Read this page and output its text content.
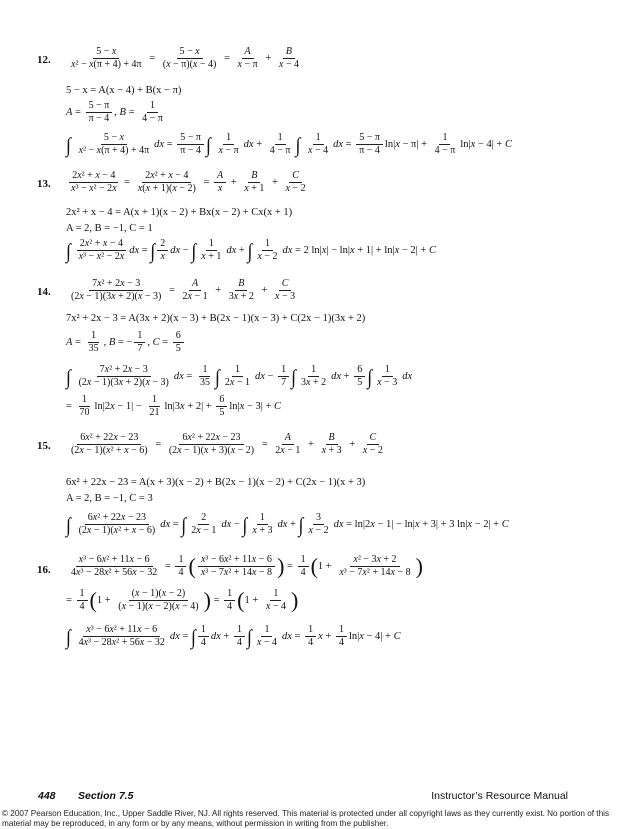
12. $\frac{5 - x}{\text{x² − x(π + 4) + 4π}} = \frac{5 - x}{(x - \pi)(x - 4)} = \frac{A}{x - \pi} + \frac{B}{x - 4}$
5 − x = A(x − 4) + B(x − π)
$A = \frac{5 - \pi}{\pi - 4}$ , $B = \frac{1}{4 - \pi}$
∫ $\frac{5 - x}{\text{x² − x(π + 4) + 4π}}$ dx = $\frac{5 - \pi}{\pi - 4}$ ∫ $\frac{1}{x - \pi}$ dx + $\frac{1}{4 - \pi}$ ∫ $\frac{1}{x - 4}$ dx = $\frac{5 - \pi}{\pi - 4} \ln|x - \pi| + \frac{1}{4 - \pi} \ln|x - 4| + C$
13. $\frac{\text{2x² + x − 4}}{\text{x³ − x² − 2x}} = \frac{\text{2x² + x − 4}}{x(x + 1)(x - 2)} = \frac{A}{x} + \frac{B}{x + 1} + \frac{C}{x - 2}$
2x² + x − 4 = A(x + 1)(x − 2) + Bx(x − 2) + Cx(x + 1)
A = 2, B = −1, C = 1
∫ $\frac{\text{2x² + x − 4}}{\text{x³ − x² − 2x}}$ dx = ∫ $\frac{2}{x}$ dx − ∫ $\frac{1}{x + 1}$ dx + ∫ $\frac{1}{x - 2}$ dx = 2 ln|x| − ln|x + 1| + ln|x − 2| + C
14. $\frac{\text{7x² + 2x − 3}}{(2x - 1)(3x + 2)(x - 3)} = \frac{A}{2x - 1} + \frac{B}{3x + 2} + \frac{C}{x - 3}$
7x² + 2x − 3 = A(3x + 2)(x − 3) + B(2x − 1)(x − 3) + C(2x − 1)(3x + 2)
$A = \frac{1}{35}$ , B = − $\frac{1}{7}$ , $C = \frac{6}{5}$
∫ $\frac{\text{7x² + 2x − 3}}{(2x - 1)(3x + 2)(x - 3)}$ dx = $\frac{1}{35}$ ∫ $\frac{1}{2x - 1}$ dx − $\frac{1}{7}$ ∫ $\frac{1}{3x + 2}$ dx + $\frac{6}{5}$ ∫ $\frac{1}{x - 3}$ dx
= $\frac{1}{70} \ln|2x - 1| - \frac{1}{21} \ln|3x + 2| + \frac{6}{5} \ln|x - 3| + C$
15. $\frac{\text{6x² + 22x − 23}}{\text{(2x − 1)(x² + x − 6)}} = \frac{\text{6x² + 22x − 23}}{(2x - 1)(x + 3)(x - 2)} = \frac{A}{2x - 1} + \frac{B}{x + 3} + \frac{C}{x - 2}$
6x² + 22x − 23 = A(x + 3)(x − 2) + B(2x − 1)(x − 2) + C(2x − 1)(x + 3)
A = 2, B = −1, C = 3
∫ $\frac{\text{6x² + 22x − 23}}{\text{(2x − 1)(x² + x − 6)}}$ dx = ∫ $\frac{2}{2x - 1}$ dx − ∫ $\frac{1}{x + 3}$ dx + ∫ $\frac{3}{x - 2}$ dx = ln|2x − 1| − ln|x + 3| + 3 ln|x − 2| + C
16. $\frac{\text{x³ − 6x² + 11x − 6}}{\text{4x³ − 28x² + 56x − 32}} = \frac{1}{4}$ ( $\frac{\text{x³ − 6x² + 11x − 6}}{\text{x³ − 7x² + 14x − 8}}$ ) = $\frac{1}{4} (1 + \frac{\text{x² − 3x + 2}}{\text{x³ − 7x² + 14x − 8}}$ )
= $\frac{1}{4} (1 + \frac{(x - 1)(x - 2)}{(x - 1)(x - 2)(x - 4)}$ ) = $\frac{1}{4} (1 + \frac{1}{x - 4}$ )
∫ $\frac{\text{x³ − 6x² + 11x − 6}}{\text{4x³ − 28x² + 56x − 32}}$ dx = ∫ $\frac{1}{4}$ dx + $\frac{1}{4}$ ∫ $\frac{1}{x - 4}$ dx = $\frac{1}{4}$ $x + \frac{1}{4} \ln|x - 4| + C$
448 Section 7.5	Instructor’s Resource Manual
© 2007 Pearson Education, Inc., Upper Saddle River, NJ. All rights reserved. This material is protected under all copyright laws as they currently exist. No portion of this material may be reproduced, in any form or by any means, without permission in writing from the publisher.
